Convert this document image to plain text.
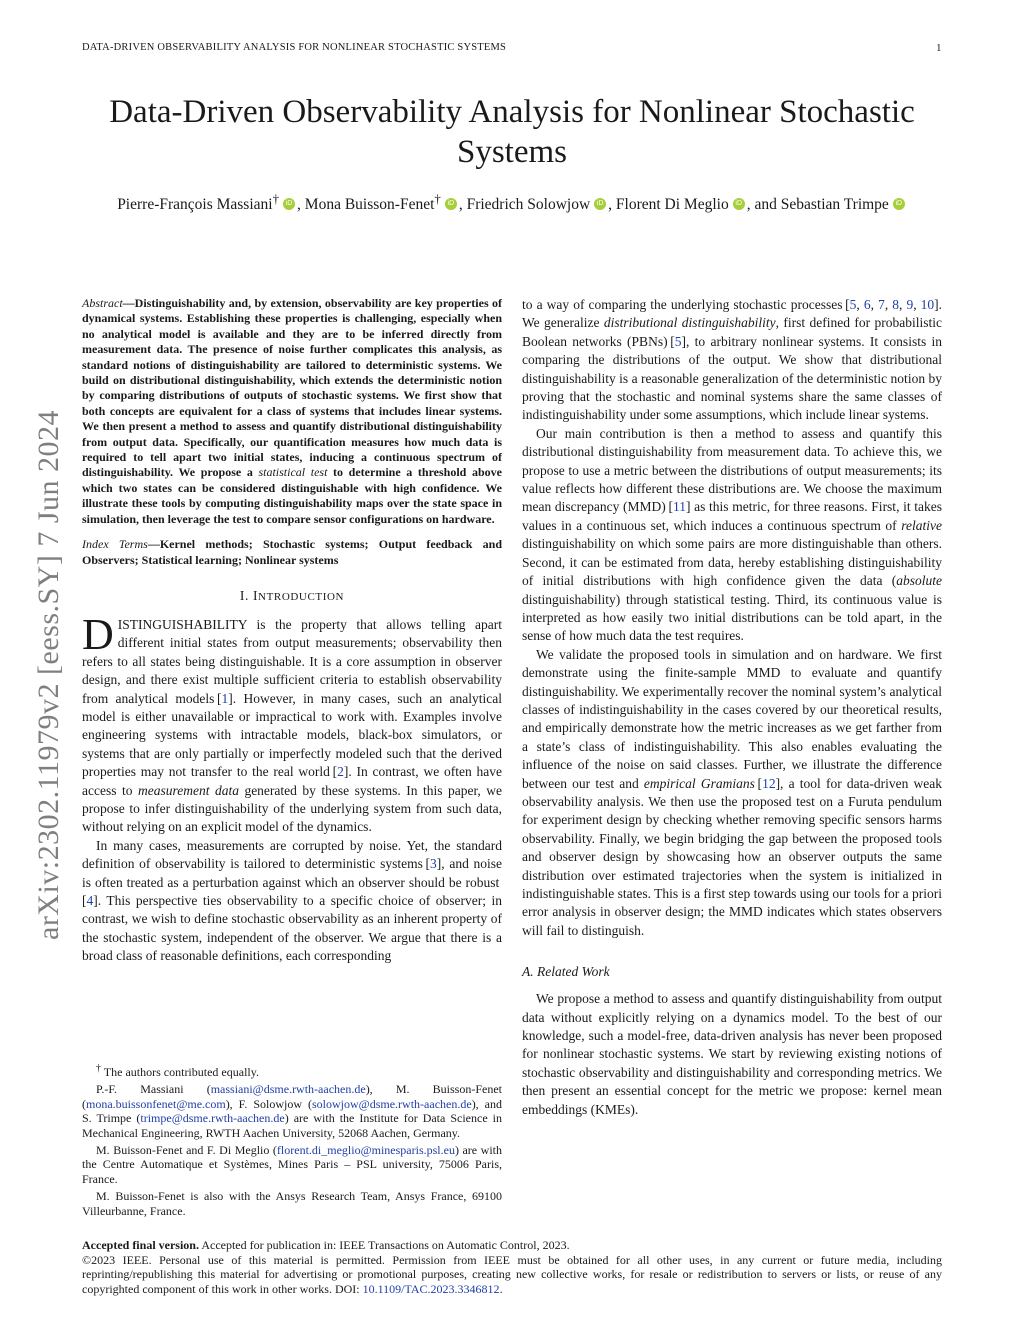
DATA-DRIVEN OBSERVABILITY ANALYSIS FOR NONLINEAR STOCHASTIC SYSTEMS	1
arXiv:2302.11979v2 [eess.SY] 7 Jun 2024
Data-Driven Observability Analysis for Nonlinear Stochastic Systems
Pierre-François Massiani† iD , Mona Buisson-Fenet† iD , Friedrich Solowjow iD , Florent Di Meglio iD , and Sebastian Trimpe iD

Abstract—Distinguishability and, by extension, observability are key properties of dynamical systems. Establishing these properties is challenging, especially when no analytical model is available and they are to be inferred directly from measurement data. The presence of noise further complicates this analysis, as standard notions of distinguishability are tailored to deterministic systems. We build on distributional distinguishability, which extends the deterministic notion by comparing distributions of outputs of stochastic systems. We first show that both concepts are equivalent for a class of systems that includes linear systems. We then present a method to assess and quantify distributional distinguishability from output data. Specifically, our quantification measures how much data is required to tell apart two initial states, inducing a continuous spectrum of distinguishability. We propose a statistical test to determine a threshold above which two states can be considered distinguishable with high confidence. We illustrate these tools by computing distinguishability maps over the state space in simulation, then leverage the test to compare sensor configurations on hardware.

Index Terms—Kernel methods; Stochastic systems; Output feedback and Observers; Statistical learning; Nonlinear systems

I. INTRODUCTION

DISTINGUISHABILITY is the property that allows telling apart different initial states from output measurements; observability then refers to all states being distinguishable. It is a core assumption in observer design, and there exist multiple sufficient criteria to establish observability from analytical models [1]. However, in many cases, such an analytical model is either unavailable or impractical to work with. Examples involve engineering systems with intractable models, black-box simulators, or systems that are only partially or imperfectly modeled such that the derived properties may not transfer to the real world [2]. In contrast, we often have access to measurement data generated by these systems. In this paper, we propose to infer distinguishability of the underlying system from such data, without relying on an explicit model of the dynamics.

In many cases, measurements are corrupted by noise. Yet, the standard definition of observability is tailored to deterministic systems [3], and noise is often treated as a perturbation against which an observer should be robust [4]. This perspective ties observability to a specific choice of observer; in contrast, we wish to define stochastic observability as an inherent property of the stochastic system, independent of the observer. We argue that there is a broad class of reasonable definitions, each corresponding

† The authors contributed equally.

P.-F. Massiani (massiani@dsme.rwth-aachen.de), M. Buisson-Fenet (mona.buissonfenet@me.com), F. Solowjow (solowjow@dsme.rwth-aachen.de), and S. Trimpe (trimpe@dsme.rwth-aachen.de) are with the Institute for Data Science in Mechanical Engineering, RWTH Aachen University, 52068 Aachen, Germany.

M. Buisson-Fenet and F. Di Meglio (florent.di_meglio@minesparis.psl.eu) are with the Centre Automatique et Systèmes, Mines Paris – PSL university, 75006 Paris, France.

M. Buisson-Fenet is also with the Ansys Research Team, Ansys France, 69100 Villeurbanne, France.

to a way of comparing the underlying stochastic processes [5, 6, 7, 8, 9, 10]. We generalize distributional distinguishability, first defined for probabilistic Boolean networks (PBNs) [5], to arbitrary nonlinear systems. It consists in comparing the distributions of the output. We show that distributional distinguishability is a reasonable generalization of the deterministic notion by proving that the stochastic and nominal systems share the same classes of indistinguishability under some assumptions, which include linear systems.

Our main contribution is then a method to assess and quantify this distributional distinguishability from measurement data. To achieve this, we propose to use a metric between the distributions of output measurements; its value reflects how different these distributions are. We choose the maximum mean discrepancy (MMD) [11] as this metric, for three reasons. First, it takes values in a continuous set, which induces a continuous spectrum of relative distinguishability on which some pairs are more distinguishable than others. Second, it can be estimated from data, hereby establishing distinguishability of initial distributions with high confidence given the data (absolute distinguishability) through statistical testing. Third, its continuous value is interpreted as how easily two initial distributions can be told apart, in the sense of how much data the test requires.

We validate the proposed tools in simulation and on hardware. We first demonstrate using the finite-sample MMD to evaluate and quantify distinguishability. We experimentally recover the nominal system’s analytical classes of indistinguishability in the cases covered by our theoretical results, and empirically demonstrate how the metric increases as we get farther from a state’s class of indistinguishability. This also enables evaluating the influence of the noise on said classes. Further, we illustrate the difference between our test and empirical Gramians [12], a tool for data-driven weak observability analysis. We then use the proposed test on a Furuta pendulum for experiment design by checking whether removing specific sensors harms observability. Finally, we begin bridging the gap between the proposed tools and observer design by showcasing how an observer outputs the same distribution over estimated trajectories when the system is initialized in indistinguishable states. This is a first step towards using our tools for a priori error analysis in observer design; the MMD indicates which states observers will fail to distinguish.

A. Related Work

We propose a method to assess and quantify distinguishability from output data without explicitly relying on a dynamics model. To the best of our knowledge, such a model-free, data-driven analysis has never been proposed for nonlinear stochastic systems. We start by reviewing existing notions of stochastic observability and distinguishability and corresponding metrics. We then present an essential concept for the metric we propose: kernel mean embeddings (KMEs).

Accepted final version. Accepted for publication in: IEEE Transactions on Automatic Control, 2023.

©2023 IEEE. Personal use of this material is permitted. Permission from IEEE must be obtained for all other uses, in any current or future media, including reprinting/republishing this material for advertising or promotional purposes, creating new collective works, for resale or redistribution to servers or lists, or reuse of any copyrighted component of this work in other works. DOI: 10.1109/TAC.2023.3346812.
